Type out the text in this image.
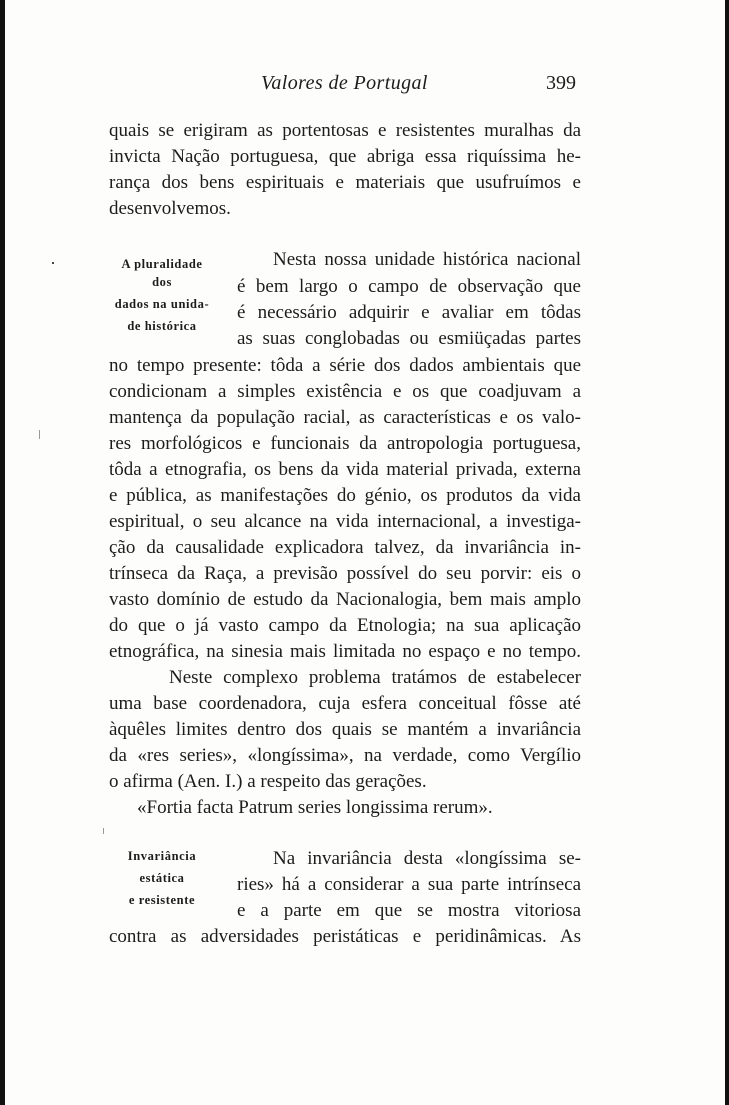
Valores de Portugal	399
quais se erigiram as portentosas e resistentes muralhas da
invicta Nação portuguesa, que abriga essa riquíssima he-
rança dos bens espirituais e materiais que usufruímos e
desenvolvemos.
A pluralidade
dos
dados na unida-
de histórica
Nesta nossa unidade histórica nacional
é bem largo o campo de observação que
é necessário adquirir e avaliar em tôdas
as suas conglobadas ou esmiüçadas partes
no tempo presente: tôda a série dos dados ambientais que
condicionam a simples existência e os que coadjuvam a
mantença da população racial, as características e os valo-
res morfológicos e funcionais da antropologia portuguesa,
tôda a etnografia, os bens da vida material privada, externa
e pública, as manifestações do génio, os produtos da vida
espiritual, o seu alcance na vida internacional, a investiga-
ção da causalidade explicadora talvez, da invariância in-
trínseca da Raça, a previsão possível do seu porvir: eis o
vasto domínio de estudo da Nacionalogia, bem mais amplo
do que o já vasto campo da Etnologia; na sua aplicação
etnográfica, na sinesia mais limitada no espaço e no tempo.
Neste complexo problema tratámos de estabelecer
uma base coordenadora, cuja esfera conceitual fôsse até
àquêles limites dentro dos quais se mantém a invariância
da «res series», «longíssima», na verdade, como Vergílio
o afirma (Aen. I.) a respeito das gerações.
«Fortia facta Patrum series longissima rerum».
Invariância
estática
e resistente
Na invariância desta «longíssima se-
ries» há a considerar a sua parte intrínseca
e a parte em que se mostra vitoriosa
contra as adversidades peristáticas e peridinâmicas. As
